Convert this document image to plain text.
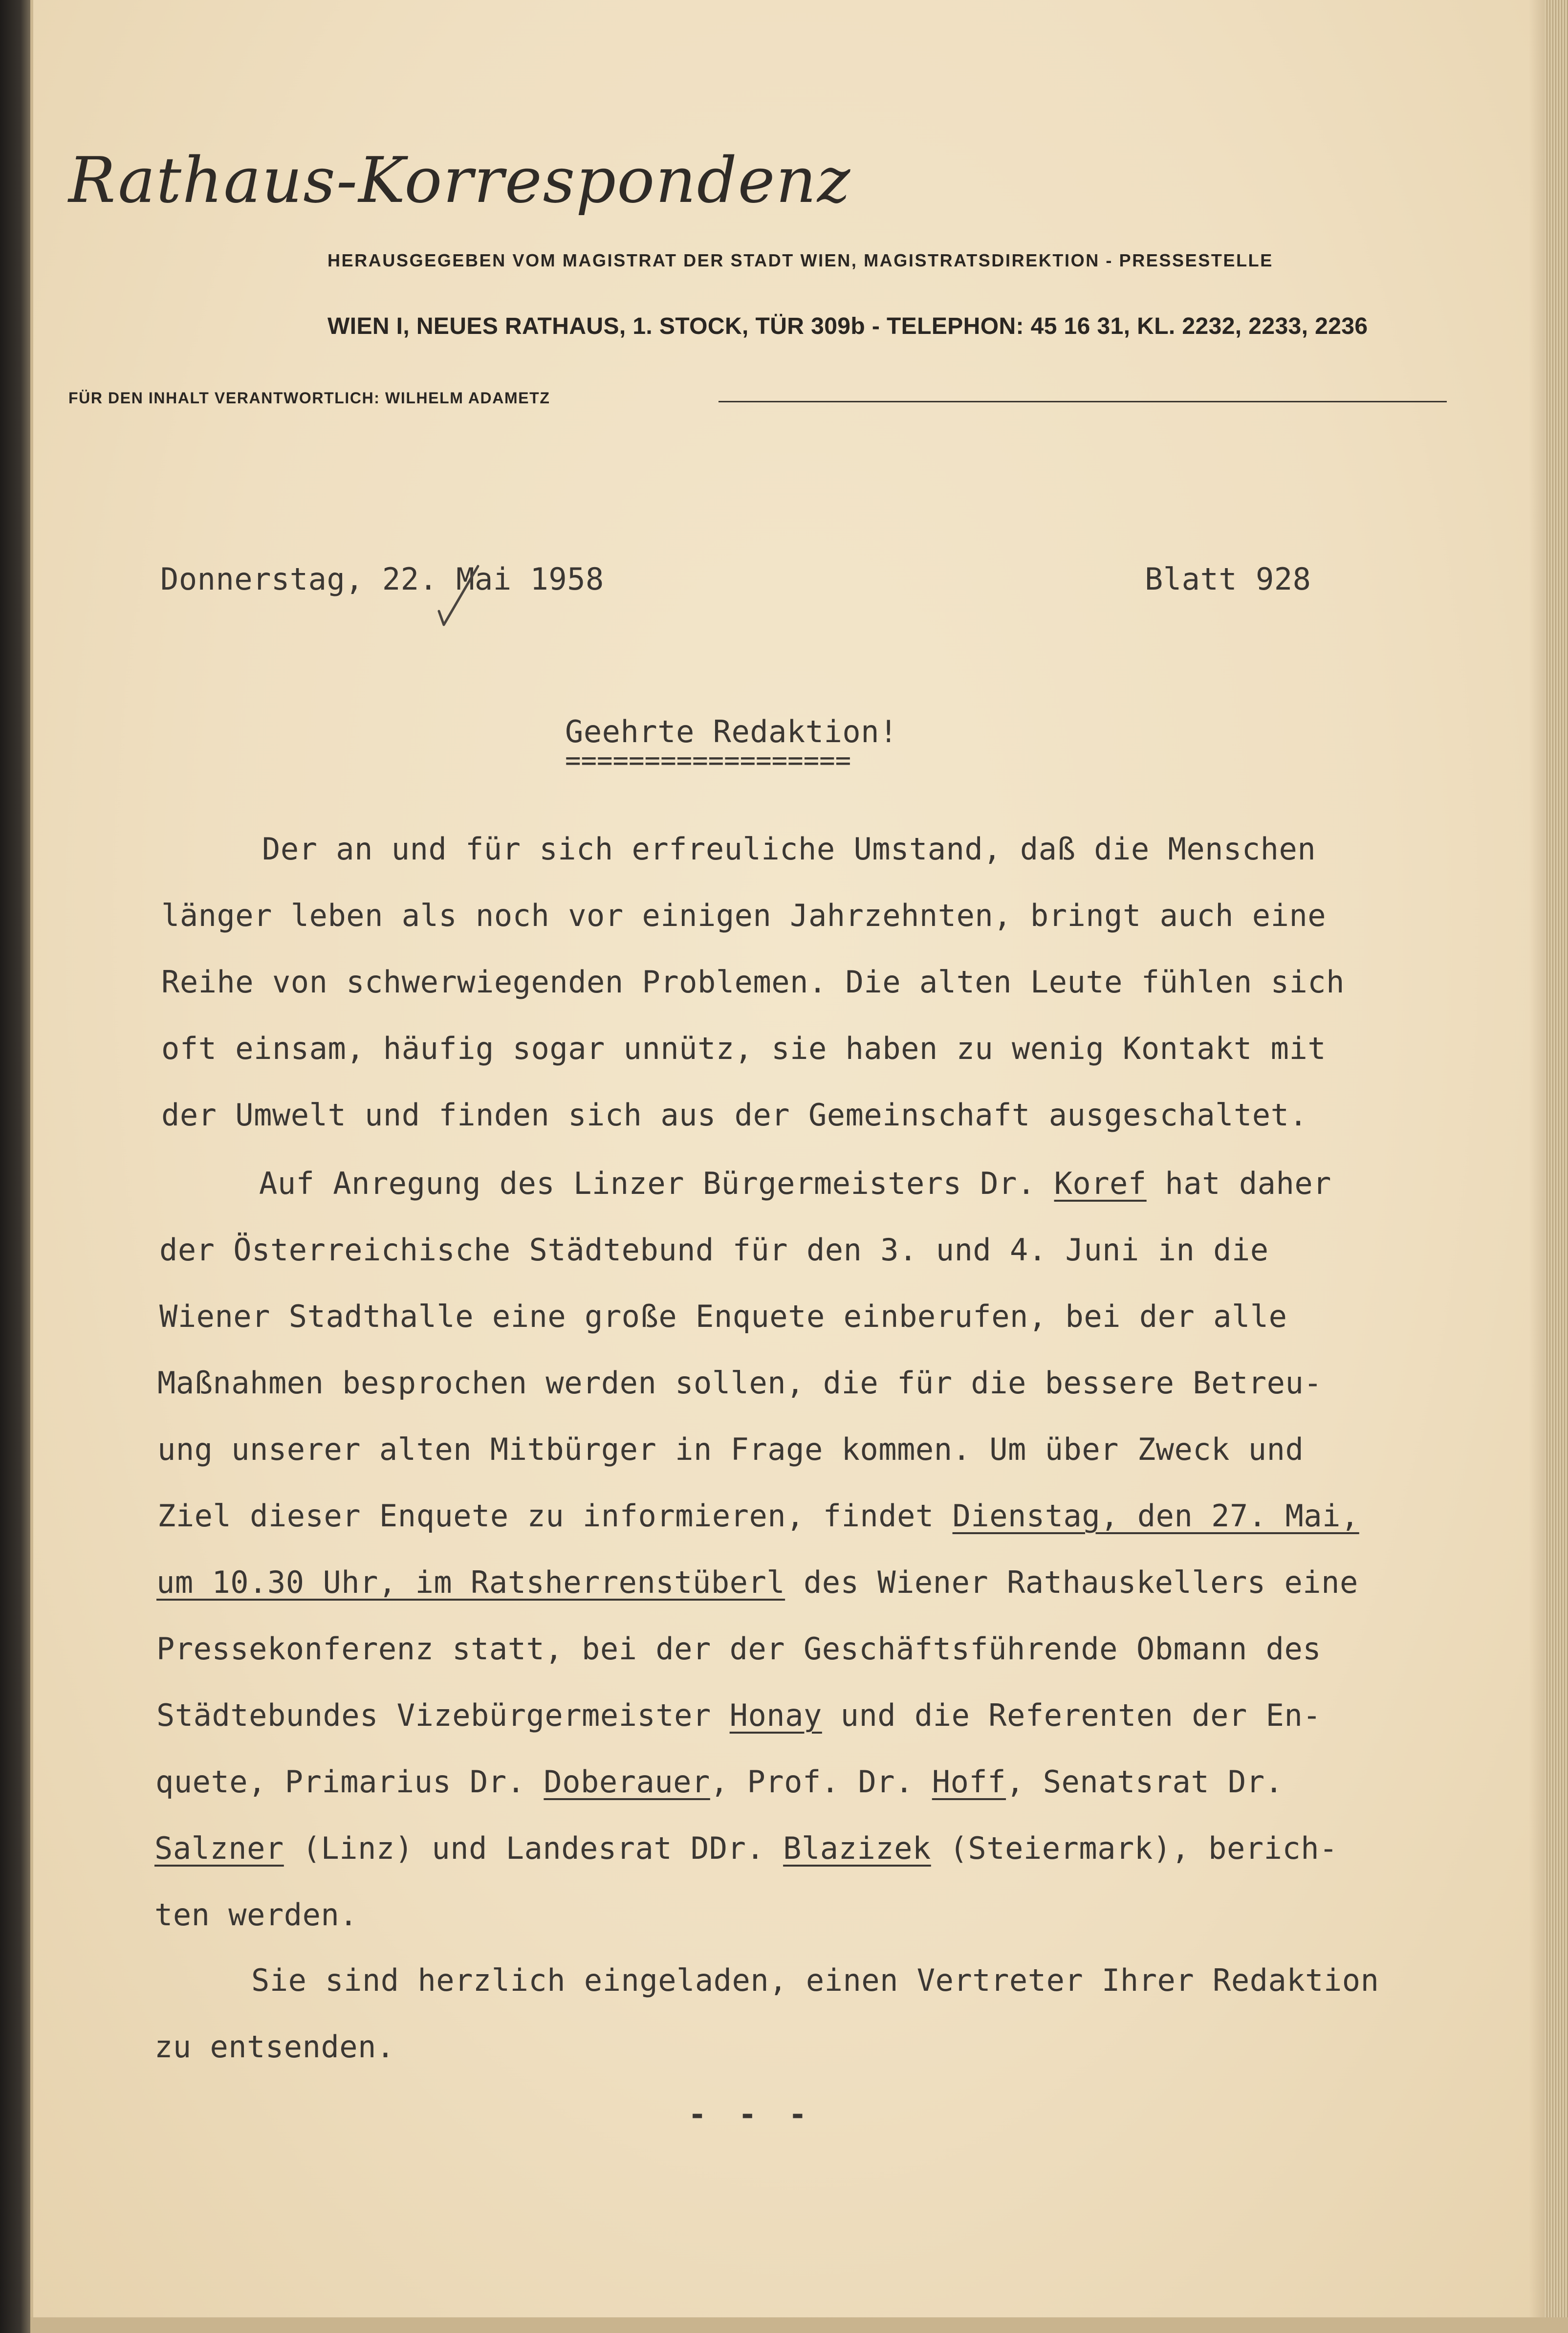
Rathaus-Korrespondenz
HERAUSGEGEBEN VOM MAGISTRAT DER STADT WIEN, MAGISTRATSDIREKTION - PRESSESTELLE
WIEN I, NEUES RATHAUS, 1. STOCK, TÜR 309b - TELEPHON: 45 16 31, KL. 2232, 2233, 2236
FÜR DEN INHALT VERANTWORTLICH: WILHELM ADAMETZ
Donnerstag, 22. Mai 1958	Blatt 928
Geehrte Redaktion!
==================
Der an und für sich erfreuliche Umstand, daß die Menschen
länger leben als noch vor einigen Jahrzehnten, bringt auch eine
Reihe von schwerwiegenden Problemen. Die alten Leute fühlen sich
oft einsam, häufig sogar unnütz, sie haben zu wenig Kontakt mit
der Umwelt und finden sich aus der Gemeinschaft ausgeschaltet.
Auf Anregung des Linzer Bürgermeisters Dr. Koref hat daher
der Österreichische Städtebund für den 3. und 4. Juni in die
Wiener Stadthalle eine große Enquete einberufen, bei der alle
Maßnahmen besprochen werden sollen, die für die bessere Betreu-
ung unserer alten Mitbürger in Frage kommen. Um über Zweck und
Ziel dieser Enquete zu informieren, findet Dienstag, den 27. Mai,
um 10.30 Uhr, im Ratsherrenstüberl des Wiener Rathauskellers eine
Pressekonferenz statt, bei der der Geschäftsführende Obmann des
Städtebundes Vizebürgermeister Honay und die Referenten der En-
quete, Primarius Dr. Doberauer, Prof. Dr. Hoff, Senatsrat Dr.
Salzner (Linz) und Landesrat DDr. Blazizek (Steiermark), berich-
ten werden.
Sie sind herzlich eingeladen, einen Vertreter Ihrer Redaktion
zu entsenden.
- - -
